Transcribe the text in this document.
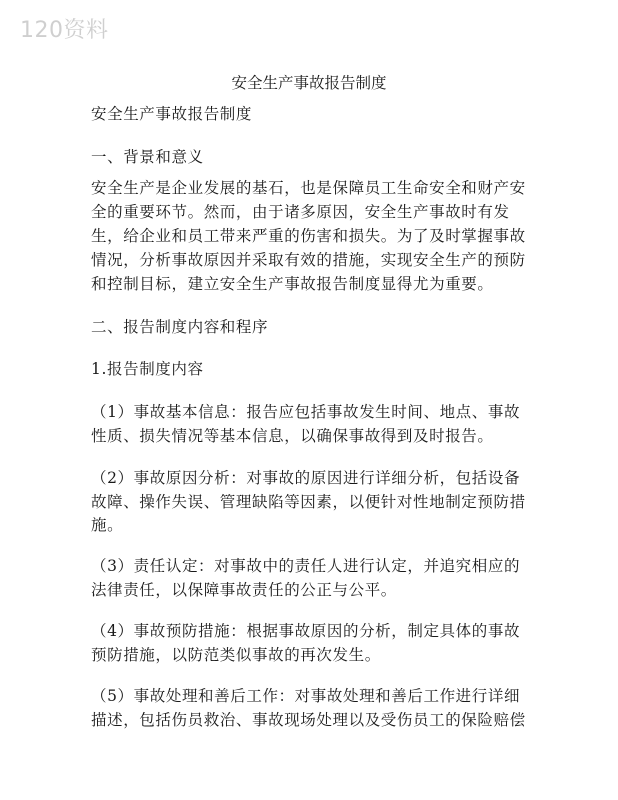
120资料
安全生产事故报告制度
安全生产事故报告制度
一、背景和意义
安全生产是企业发展的基石，也是保障员工生命安全和财产安
全的重要环节。然而，由于诸多原因，安全生产事故时有发
生，给企业和员工带来严重的伤害和损失。为了及时掌握事故
情况，分析事故原因并采取有效的措施，实现安全生产的预防
和控制目标，建立安全生产事故报告制度显得尤为重要。
二、报告制度内容和程序
1.报告制度内容
（1）事故基本信息：报告应包括事故发生时间、地点、事故
性质、损失情况等基本信息，以确保事故得到及时报告。
（2）事故原因分析：对事故的原因进行详细分析，包括设备
故障、操作失误、管理缺陷等因素，以便针对性地制定预防措
施。
（3）责任认定：对事故中的责任人进行认定，并追究相应的
法律责任，以保障事故责任的公正与公平。
（4）事故预防措施：根据事故原因的分析，制定具体的事故
预防措施，以防范类似事故的再次发生。
（5）事故处理和善后工作：对事故处理和善后工作进行详细
描述，包括伤员救治、事故现场处理以及受伤员工的保险赔偿
